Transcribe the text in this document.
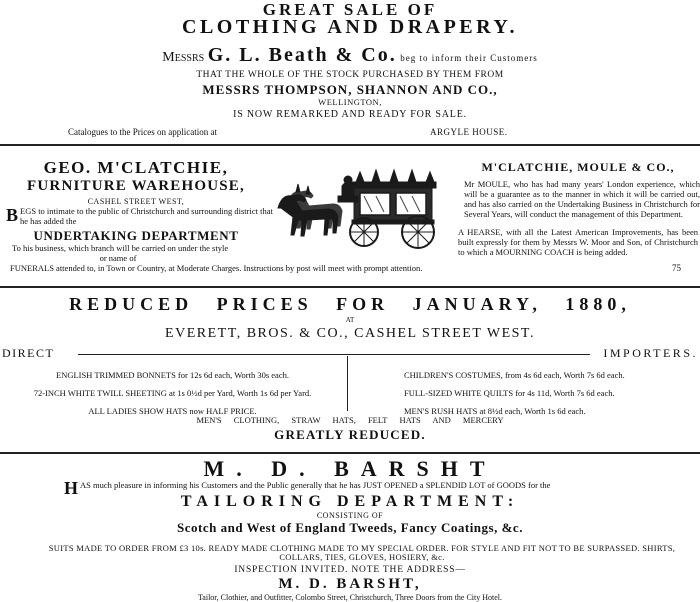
GREAT SALE OF
CLOTHING AND DRAPERY.
Messrs G. L. Beath & Co. beg to inform their Customers
THAT THE WHOLE OF THE STOCK PURCHASED BY THEM FROM
MESSRS THOMPSON, SHANNON AND CO.,
WELLINGTON,
IS NOW REMARKED AND READY FOR SALE.
Catalogues to the Prices on application at	ARGYLE HOUSE.
GEO. M'CLATCHIE,
FURNITURE WAREHOUSE,
CASHEL STREET WEST,
B EGS to intimate to the public of Christchurch and surrounding district that he has added the
UNDERTAKING DEPARTMENT
To his business, which branch will be carried on under the style
or name of
M'CLATCHIE, MOULE & CO.,
Mr MOULE, who has had many years' London experience, which will be a guarantee as to the manner in which it will be carried out, and has also carried on the Undertaking Business in Christchurch for Several Years, will conduct the management of this Department.
A HEARSE, with all the Latest American Improvements, has been built expressly for them by Messrs W. Moor and Son, of Christchurch to which a MOURNING COACH is being added.
FUNERALS attended to, in Town or Country, at Moderate Charges. Instructions by post will meet with prompt attention.	75
REDUCED PRICES FOR JANUARY, 1880,
AT
EVERETT, BROS. & CO., CASHEL STREET WEST.
DIRECT	IMPORTERS.
ENGLISH TRIMMED BONNETS for 12s 6d each, Worth 30s each.
72-INCH WHITE TWILL SHEETING at 1s 0½d per Yard, Worth 1s 6d per Yard.
ALL LADIES SHOW HATS now HALF PRICE.
CHILDREN'S COSTUMES, from 4s 6d each, Worth 7s 6d each.
FULL-SIZED WHITE QUILTS for 4s 11d, Worth 7s 6d each.
MEN'S RUSH HATS at 8½d each, Worth 1s 6d each.
MEN'S CLOTHING, STRAW HATS, FELT HATS AND MERCERY
GREATLY REDUCED.
M. D. BARSHT
HAS much pleasure in informing his Customers and the Public generally that he has JUST OPENED a SPLENDID LOT of GOODS for the
TAILORING DEPARTMENT:
CONSISTING OF
Scotch and West of England Tweeds, Fancy Coatings, &c.
SUITS MADE TO ORDER FROM £3 10s. READY MADE CLOTHING MADE TO MY SPECIAL ORDER. FOR STYLE AND FIT NOT TO BE SURPASSED. SHIRTS, COLLARS, TIES, GLOVES, HOSIERY, &c.
INSPECTION INVITED. NOTE THE ADDRESS—
M. D. BARSHT,
Tailor, Clothier, and Outfitter, Colombo Street, Christchurch, Three Doors from the City Hotel.
